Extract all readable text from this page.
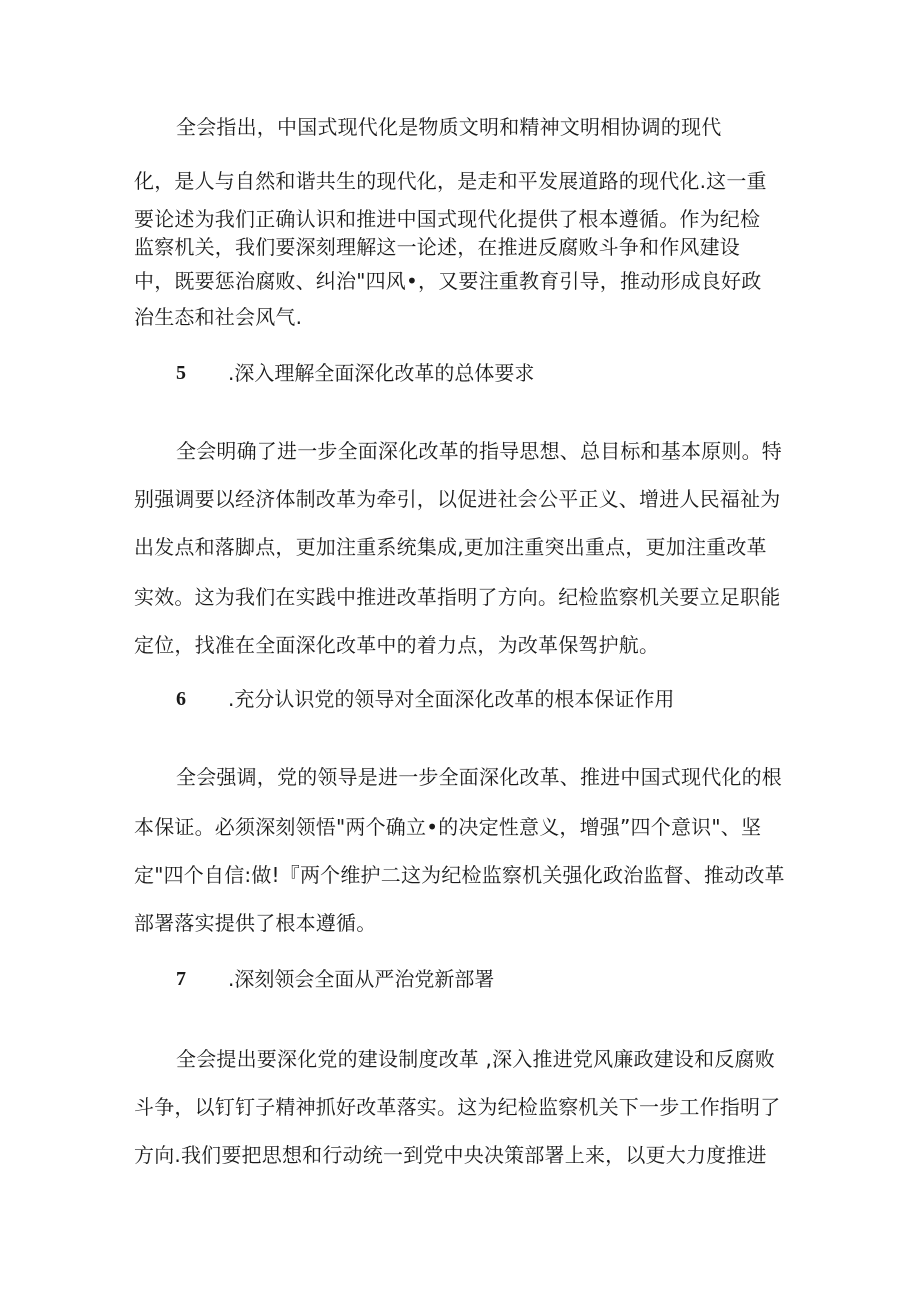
全会指出，中国式现代化是物质文明和精神文明相协调的现代
化，是人与自然和谐共生的现代化，是走和平发展道路的现代化.这一重
要论述为我们正确认识和推进中国式现代化提供了根本遵循。作为纪检
监察机关，我们要深刻理解这一论述，在推进反腐败斗争和作风建设
中，既要惩治腐败、纠治"四风•，又要注重教育引导，推动形成良好政
治生态和社会风气.
5 .深入理解全面深化改革的总体要求
全会明确了进一步全面深化改革的指导思想、总目标和基本原则。特
别强调要以经济体制改革为牵引，以促进社会公平正义、增进人民福祉为
出发点和落脚点，更加注重系统集成,更加注重突出重点，更加注重改革
实效。这为我们在实践中推进改革指明了方向。纪检监察机关要立足职能
定位，找准在全面深化改革中的着力点，为改革保驾护航。
6 .充分认识党的领导对全面深化改革的根本保证作用
全会强调，党的领导是进一步全面深化改革、推进中国式现代化的根
本保证。必须深刻领悟"两个确立•的决定性意义，增强”四个意识"、坚
定"四个自信:做!『两个维护二这为纪检监察机关强化政治监督、推动改革
部署落实提供了根本遵循。
7 .深刻领会全面从严治党新部署
全会提出要深化党的建设制度改革 ,深入推进党风廉政建设和反腐败
斗争，以钉钉子精神抓好改革落实。这为纪检监察机关下一步工作指明了
方向.我们要把思想和行动统一到党中央决策部署上来，以更大力度推进
